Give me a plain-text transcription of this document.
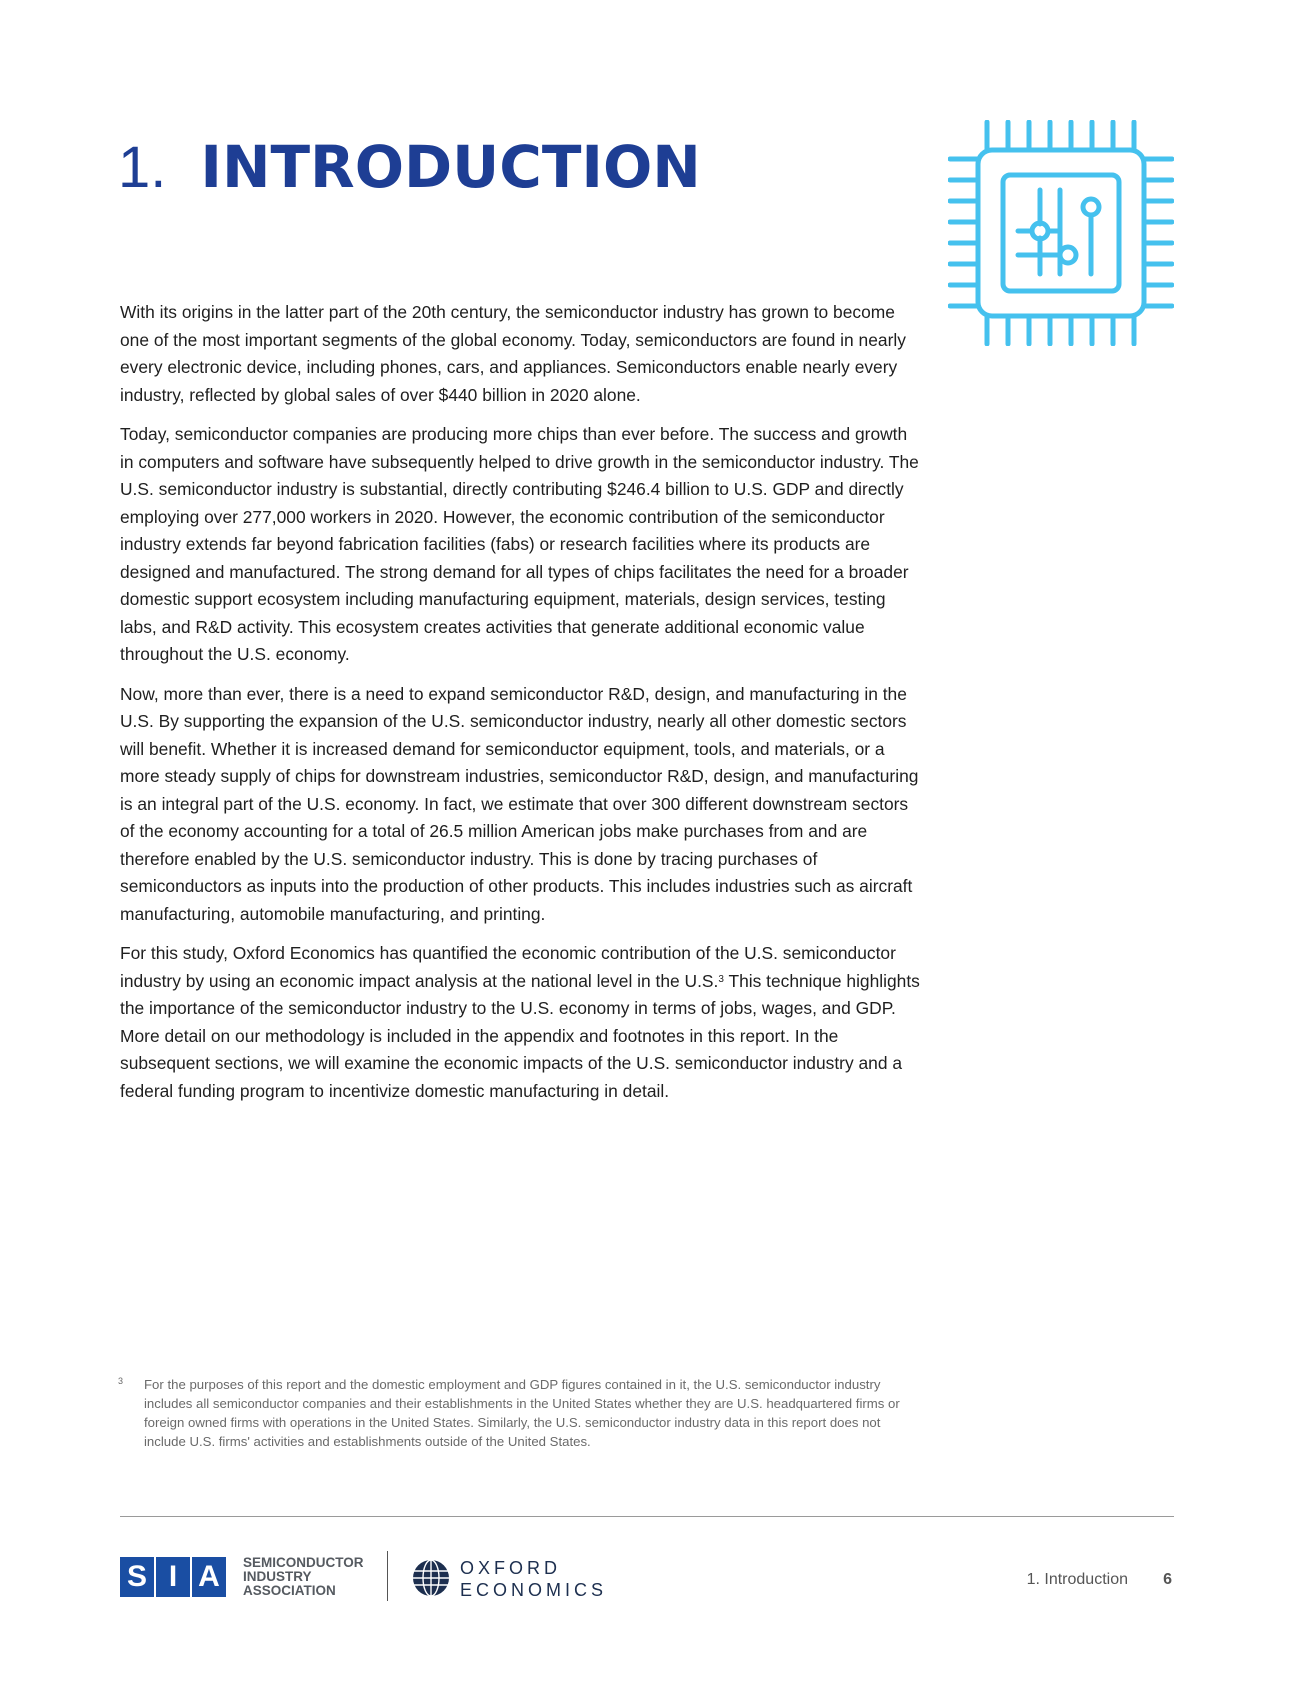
1. INTRODUCTION

With its origins in the latter part of the 20th century, the semiconductor industry has grown to become one of the most important segments of the global economy. Today, semiconductors are found in nearly every electronic device, including phones, cars, and appliances. Semiconductors enable nearly every industry, reflected by global sales of over $440 billion in 2020 alone.

Today, semiconductor companies are producing more chips than ever before. The success and growth in computers and software have subsequently helped to drive growth in the semiconductor industry. The U.S. semiconductor industry is substantial, directly contributing $246.4 billion to U.S. GDP and directly employing over 277,000 workers in 2020. However, the economic contribution of the semiconductor industry extends far beyond fabrication facilities (fabs) or research facilities where its products are designed and manufactured. The strong demand for all types of chips facilitates the need for a broader domestic support ecosystem including manufacturing equipment, materials, design services, testing labs, and R&D activity. This ecosystem creates activities that generate additional economic value throughout the U.S. economy.

Now, more than ever, there is a need to expand semiconductor R&D, design, and manufacturing in the U.S. By supporting the expansion of the U.S. semiconductor industry, nearly all other domestic sectors will benefit. Whether it is increased demand for semiconductor equipment, tools, and materials, or a more steady supply of chips for downstream industries, semiconductor R&D, design, and manufacturing is an integral part of the U.S. economy. In fact, we estimate that over 300 different downstream sectors of the economy accounting for a total of 26.5 million American jobs make purchases from and are therefore enabled by the U.S. semiconductor industry. This is done by tracing purchases of semiconductors as inputs into the production of other products. This includes industries such as aircraft manufacturing, automobile manufacturing, and printing.

For this study, Oxford Economics has quantified the economic contribution of the U.S. semiconductor industry by using an economic impact analysis at the national level in the U.S.$^3$ This technique highlights the importance of the semiconductor industry to the U.S. economy in terms of jobs, wages, and GDP. More detail on our methodology is included in the appendix and footnotes in this report. In the subsequent sections, we will examine the economic impacts of the U.S. semiconductor industry and a federal funding program to incentivize domestic manufacturing in detail.

3 For the purposes of this report and the domestic employment and GDP figures contained in it, the U.S. semiconductor industry includes all semiconductor companies and their establishments in the United States whether they are U.S. headquartered firms or foreign owned firms with operations in the United States. Similarly, the U.S. semiconductor industry data in this report does not include U.S. firms' activities and establishments outside of the United States.
S I A	SEMICONDUCTOR
INDUSTRY
ASSOCIATION
OXFORD
ECONOMICS
1. Introduction 6
